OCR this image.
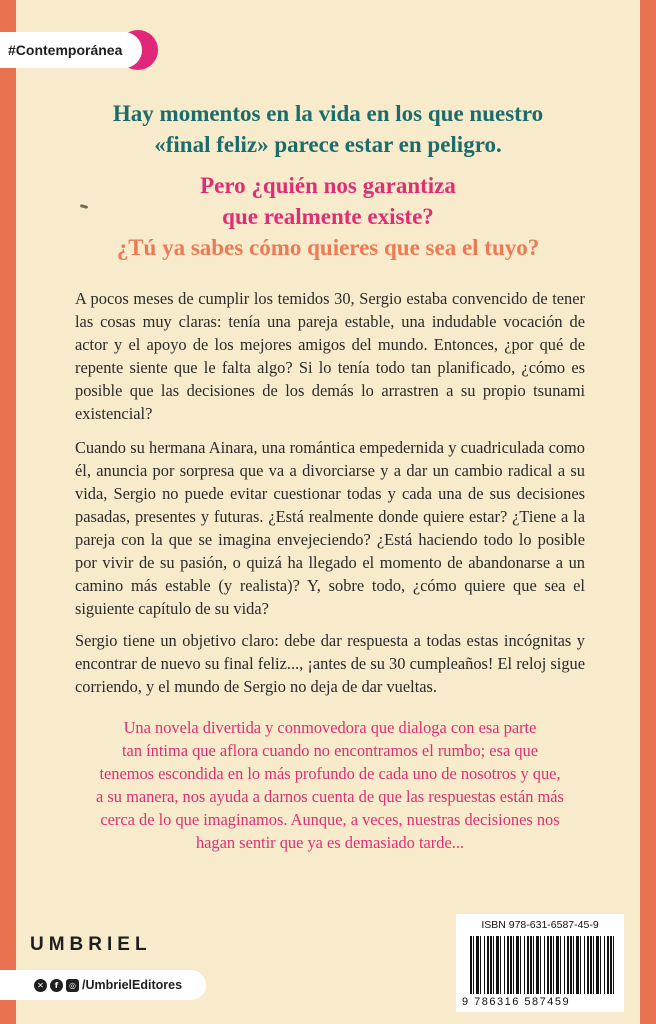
#Contemporánea
Hay momentos en la vida en los que nuestro
«final feliz» parece estar en peligro.
Pero ¿quién nos garantiza
que realmente existe?
¿Tú ya sabes cómo quieres que sea el tuyo?

A pocos meses de cumplir los temidos 30, Sergio estaba convencido de tener las cosas muy claras: tenía una pareja estable, una indudable vocación de actor y el apoyo de los mejores amigos del mundo. Entonces, ¿por qué de repente siente que le falta algo? Si lo tenía todo tan planificado, ¿cómo es posible que las decisiones de los demás lo arrastren a su propio tsunami existencial?

Cuando su hermana Ainara, una romántica empedernida y cuadriculada como él, anuncia por sorpresa que va a divorciarse y a dar un cambio radical a su vida, Sergio no puede evitar cuestionar todas y cada una de sus decisiones pasadas, presentes y futuras. ¿Está realmente donde quiere estar? ¿Tiene a la pareja con la que se imagina envejeciendo? ¿Está haciendo todo lo posible por vivir de su pasión, o quizá ha llegado el momento de abandonarse a un camino más estable (y realista)? Y, sobre todo, ¿cómo quiere que sea el siguiente capítulo de su vida?

Sergio tiene un objetivo claro: debe dar respuesta a todas estas incógnitas y encontrar de nuevo su final feliz..., ¡antes de su 30 cumpleaños! El reloj sigue corriendo, y el mundo de Sergio no deja de dar vueltas.

Una novela divertida y conmovedora que dialoga con esa parte
tan íntima que aflora cuando no encontramos el rumbo; esa que
tenemos escondida en lo más profundo de cada uno de nosotros y que,
a su manera, nos ayuda a darnos cuenta de que las respuestas están más
cerca de lo que imaginamos. Aunque, a veces, nuestras decisiones nos
hagan sentir que ya es demasiado tarde...
UMBRIEL
✕	f	◎ /UmbrielEditores
ISBN 978-631-6587-45-9
9 786316 587459
